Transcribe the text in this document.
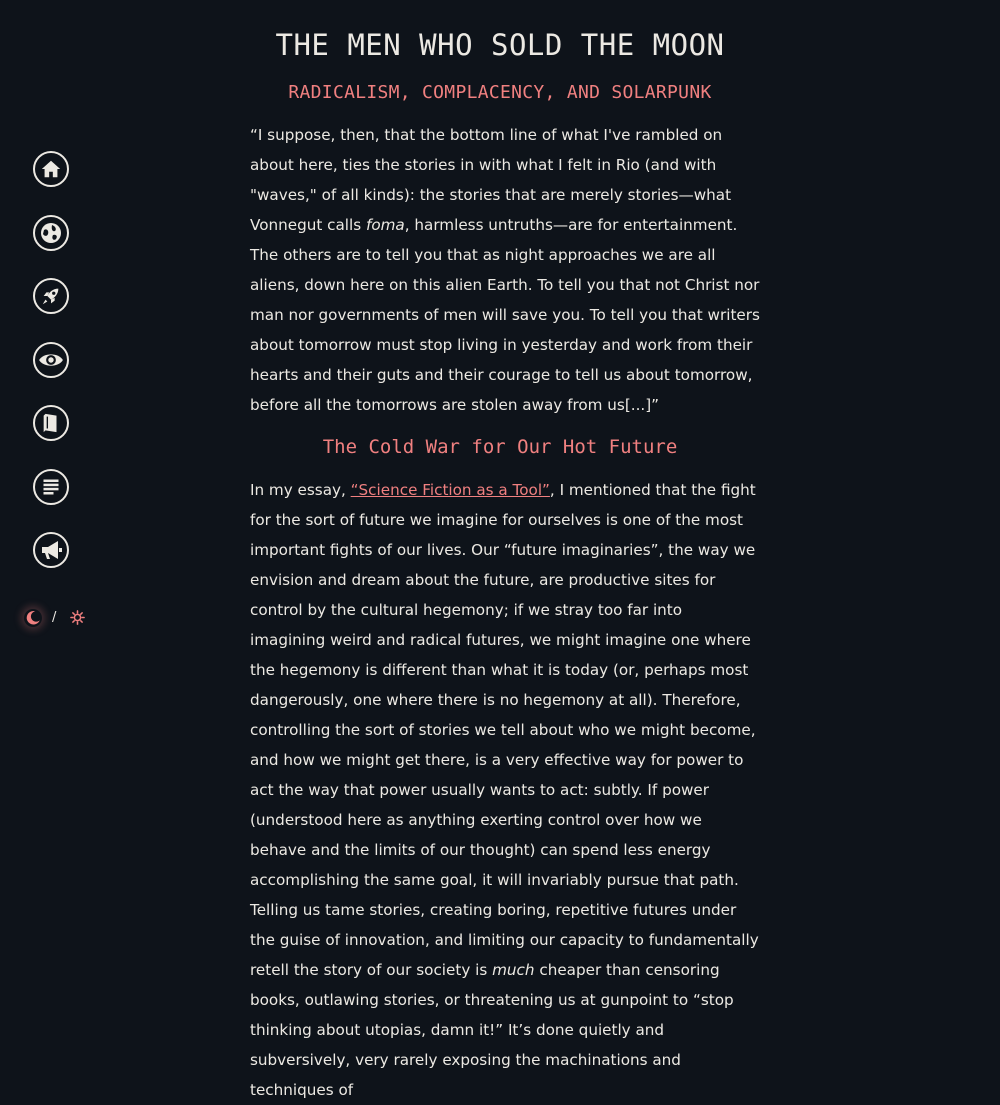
/
THE MEN WHO SOLD THE MOON
RADICALISM, COMPLACENCY, AND SOLARPUNK

“I suppose, then, that the bottom line of what I've rambled on about here, ties the stories in with what I felt in Rio (and with "waves," of all kinds): the stories that are merely stories—what Vonnegut calls foma, harmless untruths—are for entertainment. The others are to tell you that as night approaches we are all aliens, down here on this alien Earth. To tell you that not Christ nor man nor governments of men will save you. To tell you that writers about tomorrow must stop living in yesterday and work from their hearts and their guts and their courage to tell us about tomorrow, before all the tomorrows are stolen away from us[...]”

The Cold War for Our Hot Future

In my essay, “Science Fiction as a Tool”, I mentioned that the fight for the sort of future we imagine for ourselves is one of the most important fights of our lives. Our “future imaginaries”, the way we envision and dream about the future, are productive sites for control by the cultural hegemony; if we stray too far into imagining weird and radical futures, we might imagine one where the hegemony is different than what it is today (or, perhaps most dangerously, one where there is no hegemony at all). Therefore, controlling the sort of stories we tell about who we might become, and how we might get there, is a very effective way for power to act the way that power usually wants to act: subtly. If power (understood here as anything exerting control over how we behave and the limits of our thought) can spend less energy accomplishing the same goal, it will invariably pursue that path. Telling us tame stories, creating boring, repetitive futures under the guise of innovation, and limiting our capacity to fundamentally retell the story of our society is much cheaper than censoring books, outlawing stories, or threatening us at gunpoint to “stop thinking about utopias, damn it!” It’s done quietly and subversively, very rarely exposing the machinations and techniques of
